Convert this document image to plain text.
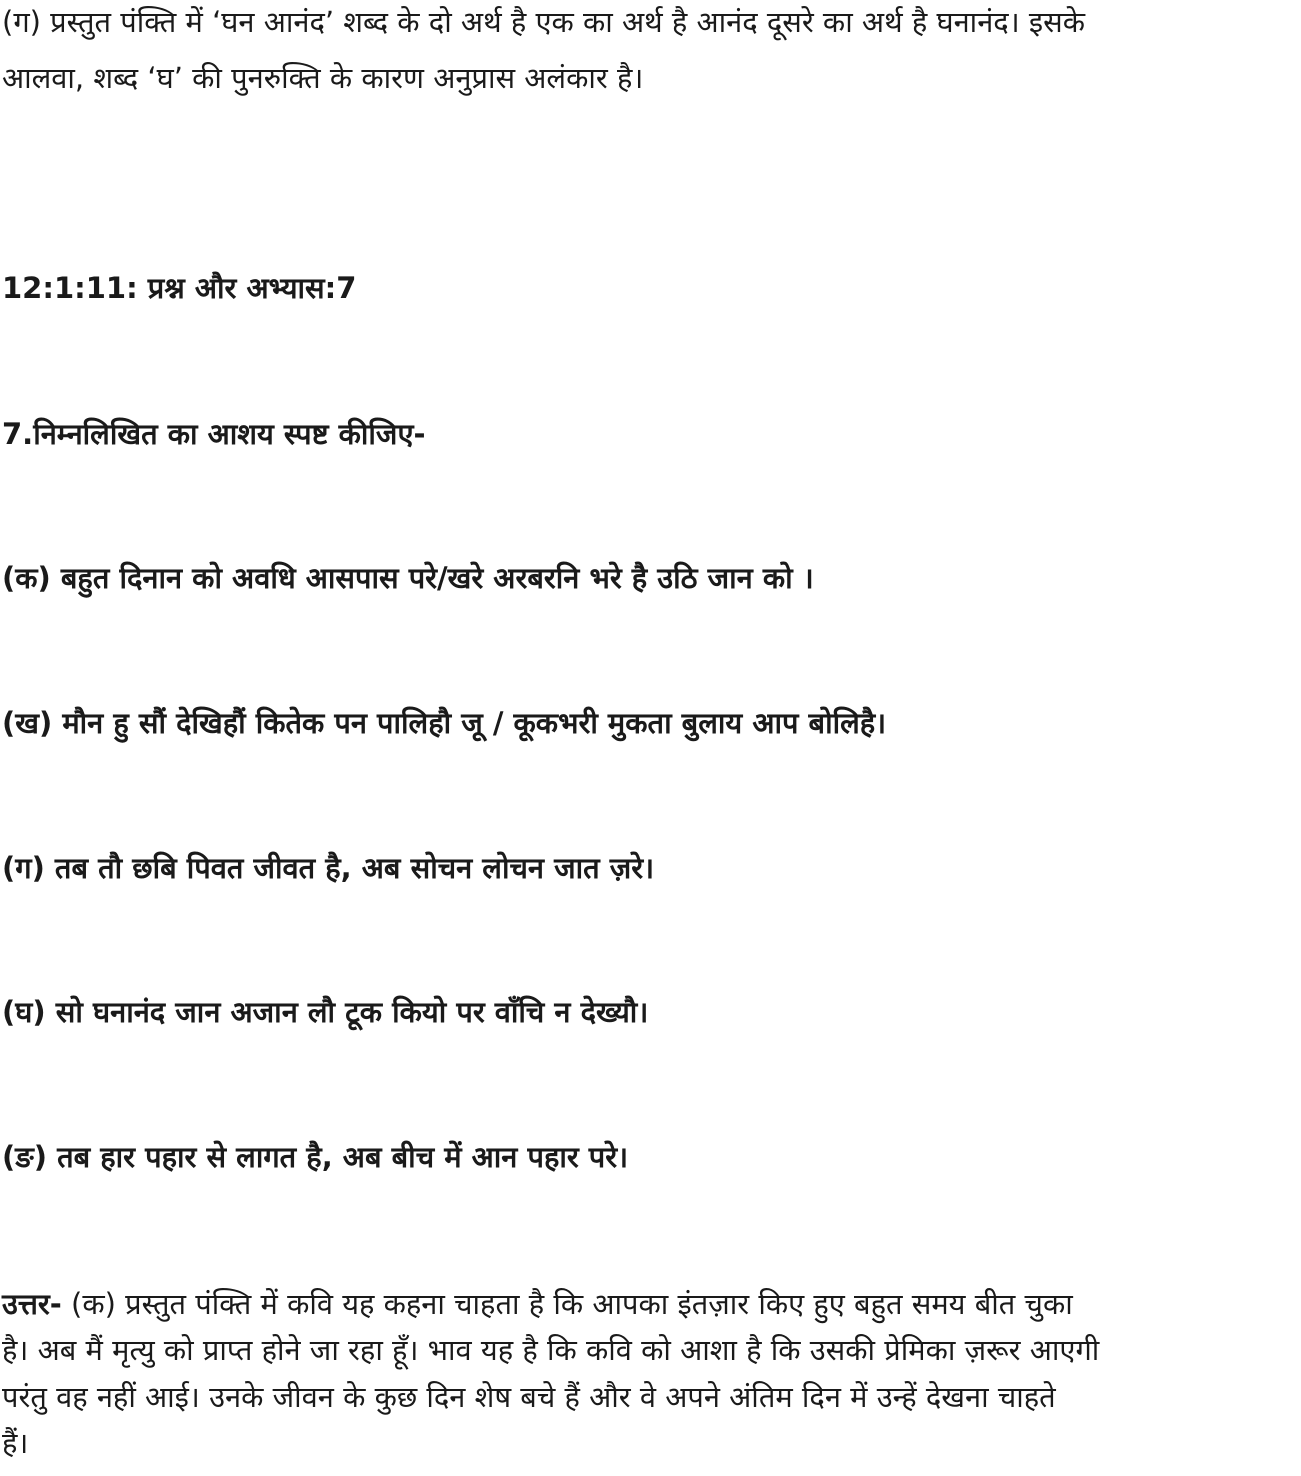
(ग) प्रस्तुत पंक्ति में ‘घन आनंद’ शब्द के दो अर्थ है एक का अर्थ है आनंद दूसरे का अर्थ है घनानंद। इसके
आलवा, शब्द ‘घ’ की पुनरुक्ति के कारण अनुप्रास अलंकार है।
12:1:11: प्रश्न और अभ्यास:7
7.निम्नलिखित का आशय स्पष्ट कीजिए-
(क) बहुत दिनान को अवधि आसपास परे/खरे अरबरनि भरे है उठि जान को ।
(ख) मौन हु सौं देखिहौं कितेक पन पालिहौ जू / कूकभरी मुकता बुलाय आप बोलिहै।
(ग) तब तौ छबि पिवत जीवत है, अब सोचन लोचन जात ज़रे।
(घ) सो घनानंद जान अजान लौ टूक कियो पर वाँचि न देख्यौ।
(ङ) तब हार पहार से लागत है, अब बीच में आन पहार परे।
उत्तर- (क) प्रस्तुत पंक्ति में कवि यह कहना चाहता है कि आपका इंतज़ार किए हुए बहुत समय बीत चुका
है। अब मैं मृत्यु को प्राप्त होने जा रहा हूँ। भाव यह है कि कवि को आशा है कि उसकी प्रेमिका ज़रूर आएगी
परंतु वह नहीं आई। उनके जीवन के कुछ दिन शेष बचे हैं और वे अपने अंतिम दिन में उन्हें देखना चाहते
हैं।
